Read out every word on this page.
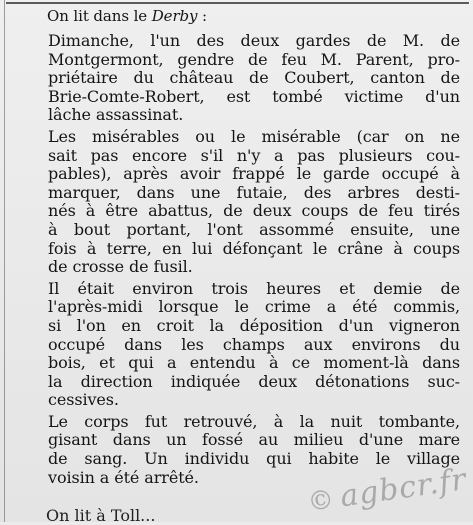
On lit dans le Derby :
Dimanche, l'un des deux gardes de M. de
Montgermont, gendre de feu M. Parent, pro-
priétaire du château de Coubert, canton de
Brie-Comte-Robert, est tombé victime d'un
lâche assassinat.
Les misérables ou le misérable (car on ne
sait pas encore s'il n'y a pas plusieurs cou-
pables), après avoir frappé le garde occupé à
marquer, dans une futaie, des arbres desti-
nés à être abattus, de deux coups de feu tirés
à bout portant, l'ont assommé ensuite, une
fois à terre, en lui défonçant le crâne à coups
de crosse de fusil.
Il était environ trois heures et demie de
l'après-midi lorsque le crime a été commis,
si l'on en croit la déposition d'un vigneron
occupé dans les champs aux environs du
bois, et qui a entendu à ce moment-là dans
la direction indiquée deux détonations suc-
cessives.
Le corps fut retrouvé, à la nuit tombante,
gisant dans un fossé au milieu d'une mare
de sang. Un individu qui habite le village
voisin a été arrêté.
On lit à Toll...	©agbcr.fr
